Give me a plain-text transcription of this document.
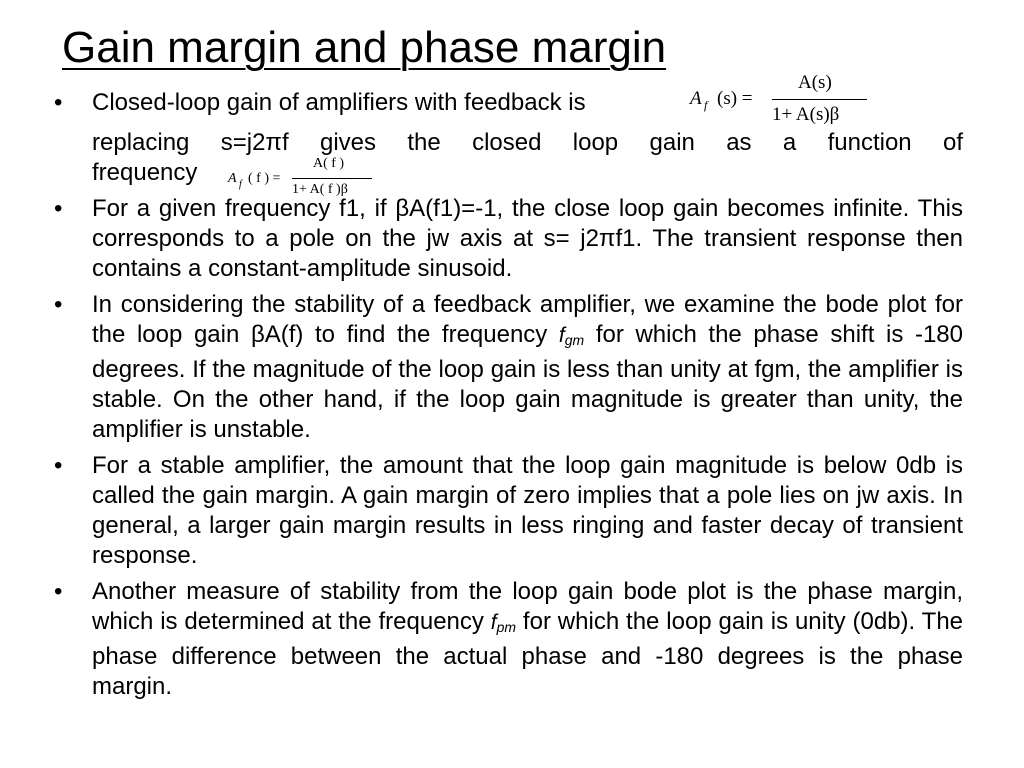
Gain margin and phase margin
• Closed-loop gain of amplifiers with feedback is
replacing s=j2πf gives the closed loop gain as a function of
frequency
• For a given frequency f1, if βA(f1)=-1, the close loop gain becomes infinite. This corresponds to a pole on the jw axis at s= j2πf1. The transient response then contains a constant-amplitude sinusoid.
• In considering the stability of a feedback amplifier, we examine the bode plot for the loop gain βA(f) to find the frequency $f_{gm}$ for which the phase shift is -180 degrees. If the magnitude of the loop gain is less than unity at fgm, the amplifier is stable. On the other hand, if the loop gain magnitude is greater than unity, the amplifier is unstable.
• For a stable amplifier, the amount that the loop gain magnitude is below 0db is called the gain margin. A gain margin of zero implies that a pole lies on jw axis. In general, a larger gain margin results in less ringing and faster decay of transient response.
• Another measure of stability from the loop gain bode plot is the phase margin, which is determined at the frequency $f_{pm}$ for which the loop gain is unity (0db). The phase difference between the actual phase and -180 degrees is the phase margin.
A f (s) =
A(s)
1+ A(s)β
A f ( f ) =
A( f )
1+ A( f )β
